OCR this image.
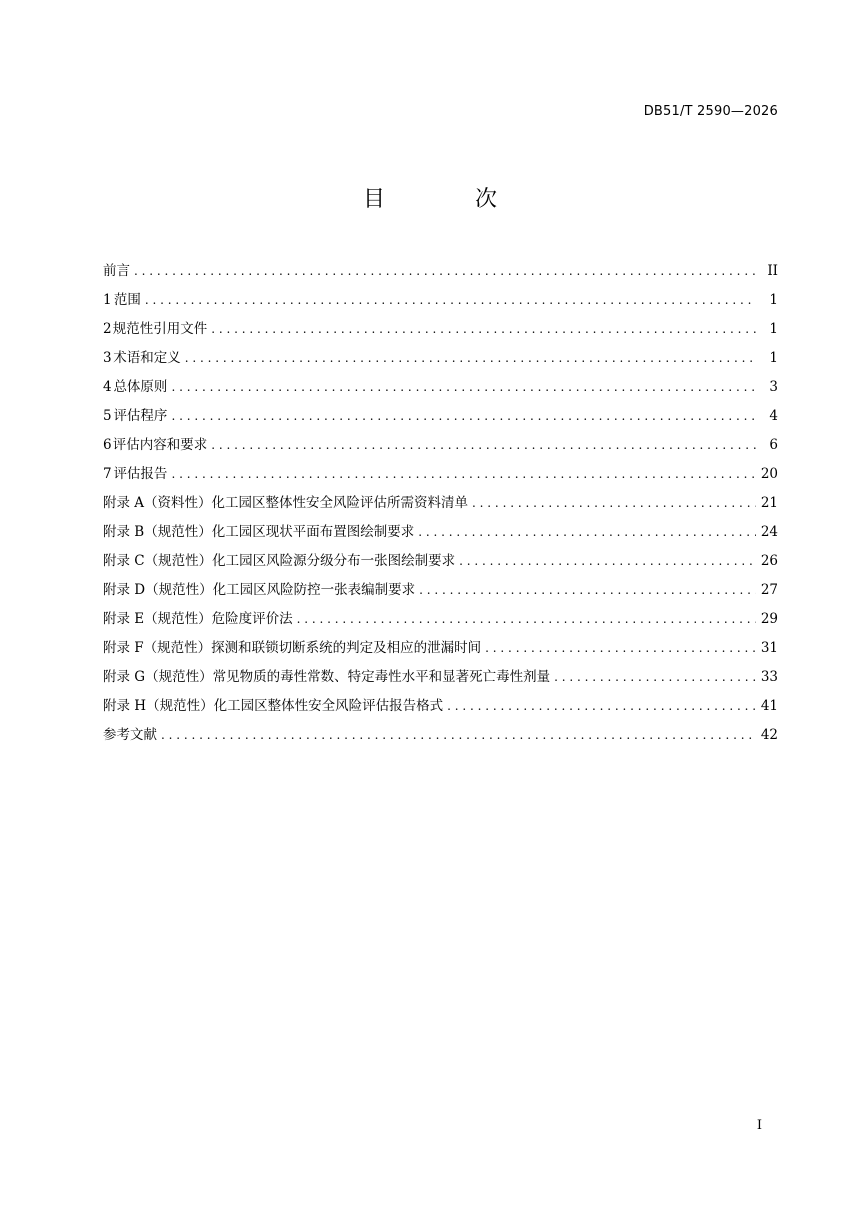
DB51/T 2590—2026
目　次
前言 . . .	II
1 范围 . . .	1
2 规范性引用文件 . . .	1
3 术语和定义 . . .	1
4 总体原则 . . .	3
5 评估程序 . . .	4
6 评估内容和要求 . . .	6
7 评估报告 . . .	20
附录 A（资料性） 化工园区整体性安全风险评估所需资料清单 . . .	21
附录 B（规范性） 化工园区现状平面布置图绘制要求 . . .	24
附录 C（规范性） 化工园区风险源分级分布一张图绘制要求 . . .	26
附录 D（规范性） 化工园区风险防控一张表编制要求 . . .	27
附录 E（规范性） 危险度评价法 . . .	29
附录 F（规范性） 探测和联锁切断系统的判定及相应的泄漏时间 . . .	31
附录 G（规范性） 常见物质的毒性常数、特定毒性水平和显著死亡毒性剂量 . . .	33
附录 H（规范性） 化工园区整体性安全风险评估报告格式 . . .	41
参考文献 . . .	42
I
